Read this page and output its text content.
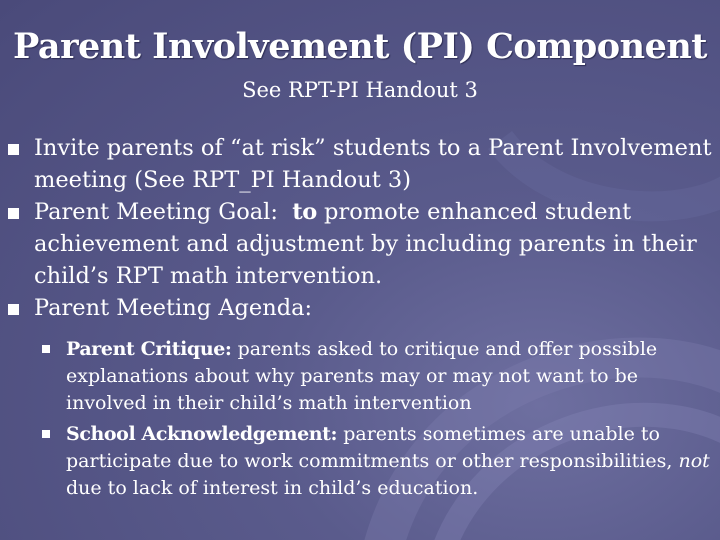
Parent Involvement (PI) Component
See RPT-PI Handout 3
Invite parents of “at risk” students to a Parent Involvement meeting (See RPT_PI Handout 3)
Parent Meeting Goal:  to promote enhanced student achievement and adjustment by including parents in their child’s RPT math intervention.
Parent Meeting Agenda:
Parent Critique: parents asked to critique and offer possible explanations about why parents may or may not want to be involved in their child’s math intervention
School Acknowledgement: parents sometimes are unable to participate due to work commitments or other responsibilities, not due to lack of interest in child’s education.
